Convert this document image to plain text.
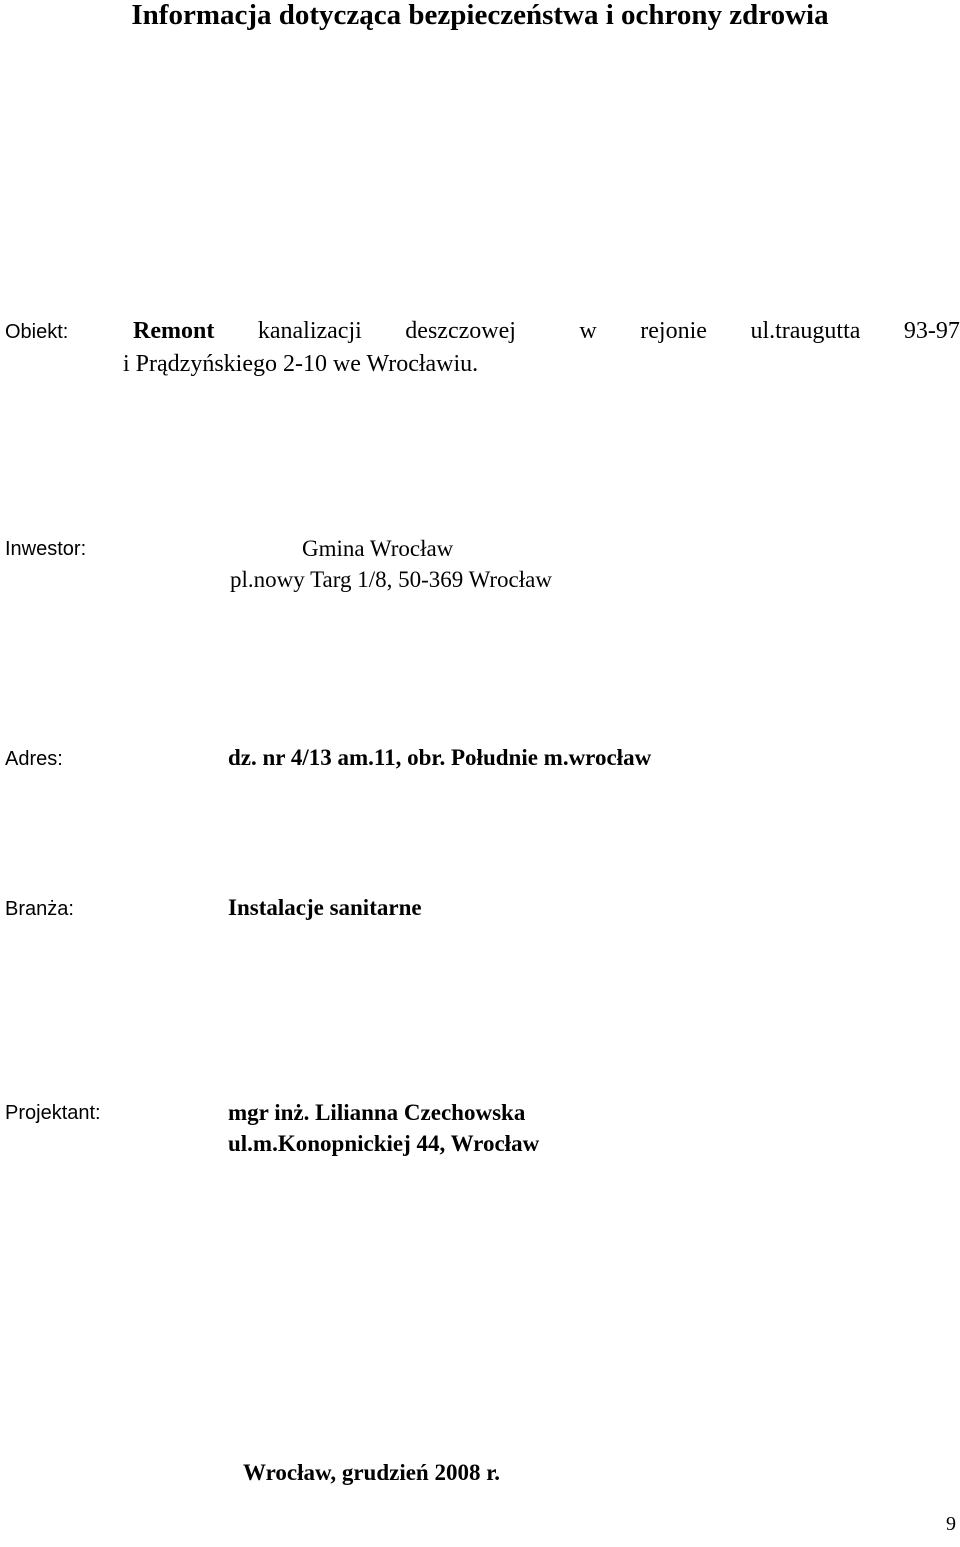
Informacja dotycząca bezpieczeństwa i ochrony zdrowia
Obiekt:	Remont kanalizacji deszczowej	w rejonie ul.traugutta 93-97
i Prądzyńskiego 2-10 we Wrocławiu.
Inwestor:	Gmina Wrocław
pl.nowy Targ 1/8, 50-369 Wrocław
Adres:	dz. nr 4/13 am.11, obr. Południe m.wrocław
Branża:	Instalacje sanitarne
Projektant:	mgr inż. Lilianna Czechowska
ul.m.Konopnickiej 44, Wrocław
Wrocław, grudzień 2008 r.
9
